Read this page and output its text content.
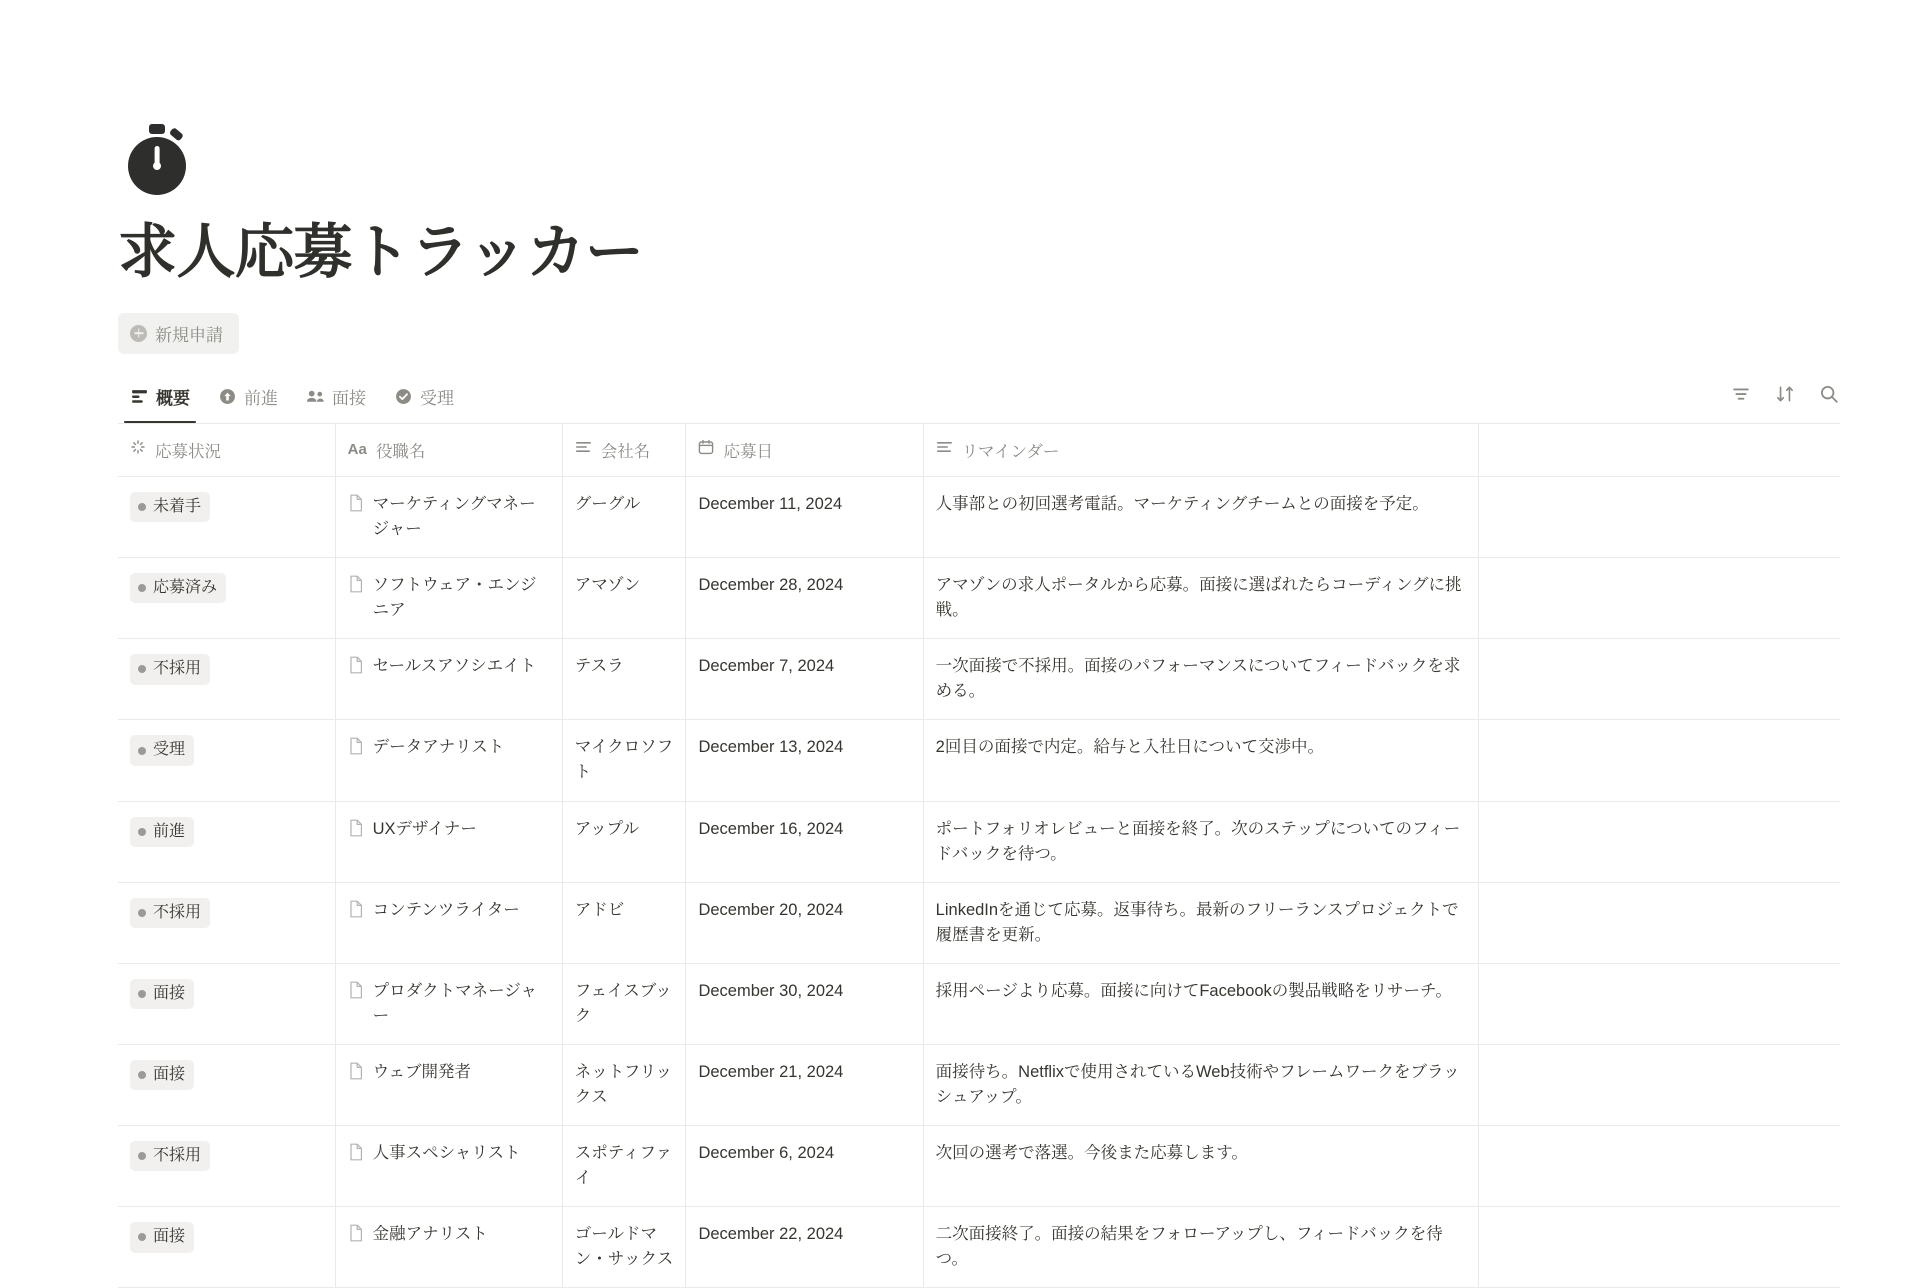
求人応募トラッカー
新規申請
概要	前進	面接	受理
応募状況	Aa 役職名	会社名	応募日	リマインダー	

未着手	マーケティングマネージャー	グーグル	December 11, 2024	人事部との初回選考電話。マーケティングチームとの面接を予定。	

応募済み	ソフトウェア・エンジニア	アマゾン	December 28, 2024	アマゾンの求人ポータルから応募。面接に選ばれたらコーディングに挑戦。	

不採用	セールスアソシエイト	テスラ	December 7, 2024	一次面接で不採用。面接のパフォーマンスについてフィードバックを求める。	

受理	データアナリスト	マイクロソフト	December 13, 2024	2回目の面接で内定。給与と入社日について交渉中。	

前進	UXデザイナー	アップル	December 16, 2024	ポートフォリオレビューと面接を終了。次のステップについてのフィードバックを待つ。	

不採用	コンテンツライター	アドビ	December 20, 2024	LinkedInを通じて応募。返事待ち。最新のフリーランスプロジェクトで履歴書を更新。	

面接	プロダクトマネージャー	フェイスブック	December 30, 2024	採用ページより応募。面接に向けてFacebookの製品戦略をリサーチ。	

面接	ウェブ開発者	ネットフリックス	December 21, 2024	面接待ち。Netflixで使用されているWeb技術やフレームワークをブラッシュアップ。	

不採用	人事スペシャリスト	スポティファイ	December 6, 2024	次回の選考で落選。今後また応募します。	

面接	金融アナリスト	ゴールドマン・サックス	December 22, 2024	二次面接終了。面接の結果をフォローアップし、フィードバックを待つ。	
